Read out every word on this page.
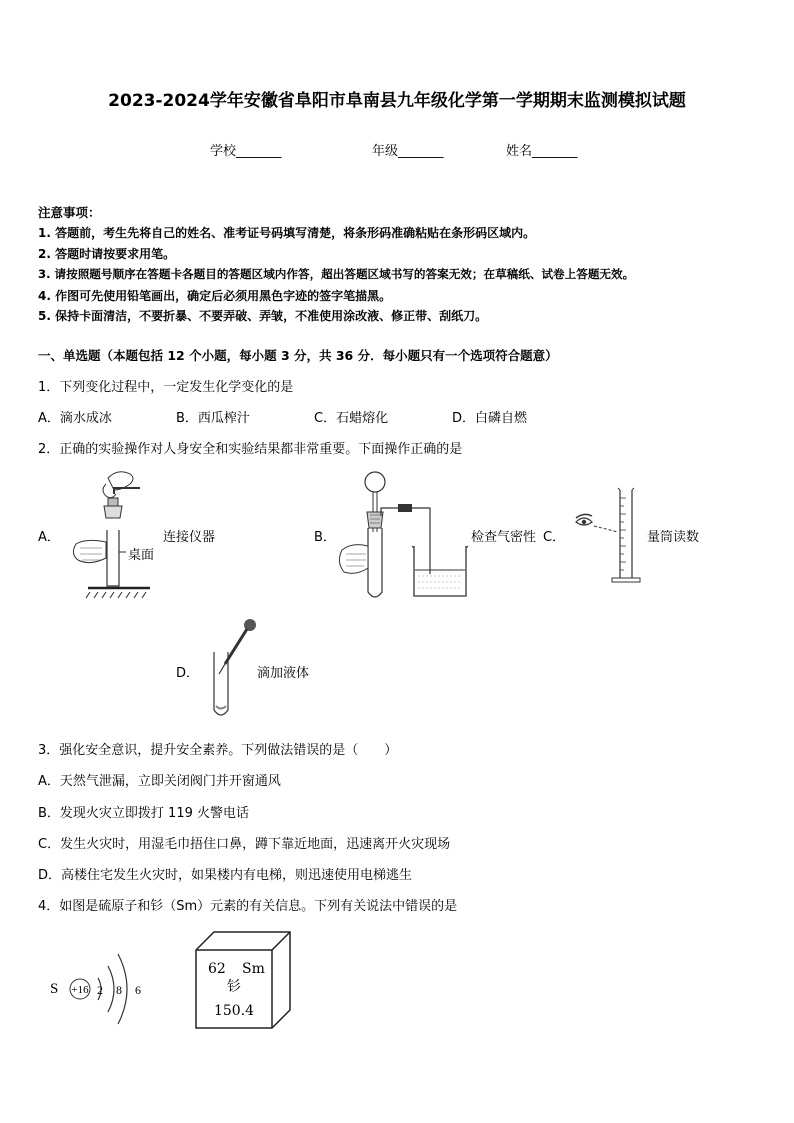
2023-2024学年安徽省阜阳市阜南县九年级化学第一学期期末监测模拟试题
学校_______	年级_______	姓名_______
注意事项：
1. 答题前，考生先将自己的姓名、准考证号码填写清楚，将条形码准确粘贴在条形码区域内。
2. 答题时请按要求用笔。
3. 请按照题号顺序在答题卡各题目的答题区域内作答，超出答题区域书写的答案无效；在草稿纸、试卷上答题无效。
4. 作图可先使用铅笔画出，确定后必须用黑色字迹的签字笔描黑。
5. 保持卡面清洁，不要折暴、不要弄破、弄皱，不准使用涂改液、修正带、刮纸刀。
一、单选题（本题包括 12 个小题，每小题 3 分，共 36 分．每小题只有一个选项符合题意）
1．下列变化过程中，一定发生化学变化的是
A．滴水成冰	B．西瓜榨汁	C．石蜡熔化	D．白磷自燃
2．正确的实验操作对人身安全和实验结果都非常重要。下面操作正确的是
A．
桌面
连接仪器	B．	检查气密性 C．	量筒读数
D．	滴加液体
3．强化安全意识，提升安全素养。下列做法错误的是（　　）
A．天然气泄漏，立即关闭阀门并开窗通风
B．发现火灾立即拨打 119 火警电话
C．发生火灾时，用湿毛巾捂住口鼻，蹲下靠近地面，迅速离开火灾现场
D．高楼住宅发生火灾时，如果楼内有电梯，则迅速使用电梯逃生
4．如图是硫原子和钐（Sm）元素的有关信息。下列有关说法中错误的是
S +16 2 8 6
62 Sm
钐
150.4
